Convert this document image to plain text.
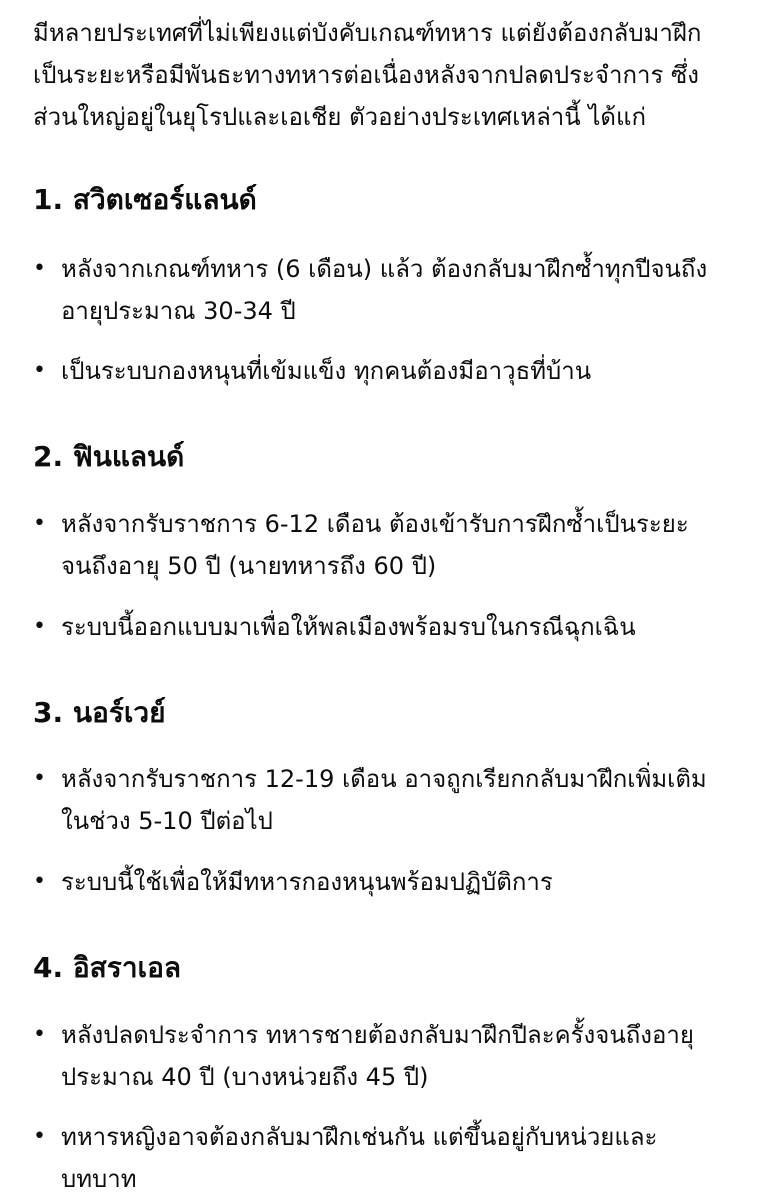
มีหลายประเทศที่ไม่เพียงแต่บังคับเกณฑ์ทหาร แต่ยังต้องกลับมาฝึก
เป็นระยะหรือมีพันธะทางทหารต่อเนื่องหลังจากปลดประจำการ ซึ่ง
ส่วนใหญ่อยู่ในยุโรปและเอเชีย ตัวอย่างประเทศเหล่านี้ ได้แก่

1. สวิตเซอร์แลนด์
• หลังจากเกณฑ์ทหาร (6 เดือน) แล้ว ต้องกลับมาฝึกซ้ำทุกปีจนถึง
อายุประมาณ 30-34 ปี
• เป็นระบบกองหนุนที่เข้มแข็ง ทุกคนต้องมีอาวุธที่บ้าน
2. ฟินแลนด์
• หลังจากรับราชการ 6-12 เดือน ต้องเข้ารับการฝึกซ้ำเป็นระยะ
จนถึงอายุ 50 ปี (นายทหารถึง 60 ปี)
• ระบบนี้ออกแบบมาเพื่อให้พลเมืองพร้อมรบในกรณีฉุกเฉิน
3. นอร์เวย์
• หลังจากรับราชการ 12-19 เดือน อาจถูกเรียกกลับมาฝึกเพิ่มเติม
ในช่วง 5-10 ปีต่อไป
• ระบบนี้ใช้เพื่อให้มีทหารกองหนุนพร้อมปฏิบัติการ
4. อิสราเอล
• หลังปลดประจำการ ทหารชายต้องกลับมาฝึกปีละครั้งจนถึงอายุ
ประมาณ 40 ปี (บางหน่วยถึง 45 ปี)
• ทหารหญิงอาจต้องกลับมาฝึกเช่นกัน แต่ขึ้นอยู่กับหน่วยและ
บทบาท
